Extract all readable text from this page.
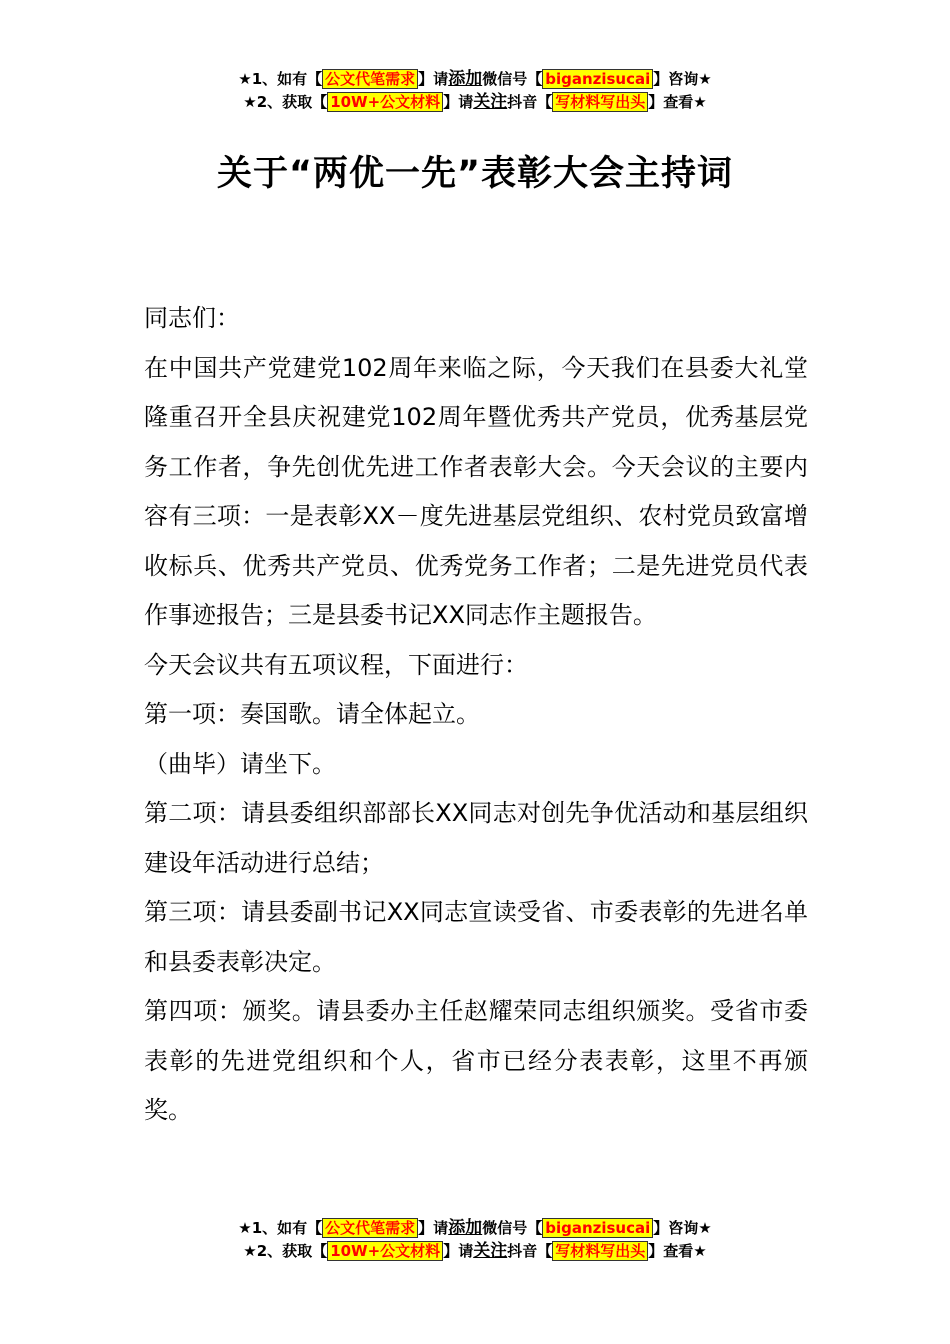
★1、如有【 公文代笔需求 】请添加微信号【 biganzisucai 】咨询★
★2、获取【 10W+公文材料 】请关注抖音【 写材料写出头 】查看★
关于“两优一先”表彰大会主持词

同志们：

在中国共产党建党102周年来临之际，今天我们在县委大礼堂隆重召开全县庆祝建党102周年暨优秀共产党员，优秀基层党务工作者，争先创优先进工作者表彰大会。今天会议的主要内容有三项：一是表彰XX－度先进基层党组织、农村党员致富增收标兵、优秀共产党员、优秀党务工作者；二是先进党员代表作事迹报告；三是县委书记XX同志作主题报告。

今天会议共有五项议程，下面进行：

第一项：奏国歌。请全体起立。

（曲毕）请坐下。

第二项：请县委组织部部长XX同志对创先争优活动和基层组织建设年活动进行总结；

第三项：请县委副书记XX同志宣读受省、市委表彰的先进名单和县委表彰决定。

第四项：颁奖。请县委办主任赵耀荣同志组织颁奖。受省市委表彰的先进党组织和个人，省市已经分表表彰，这里不再颁奖。

★1、如有【 公文代笔需求 】请添加微信号【 biganzisucai 】咨询★
★2、获取【 10W+公文材料 】请关注抖音【 写材料写出头 】查看★
